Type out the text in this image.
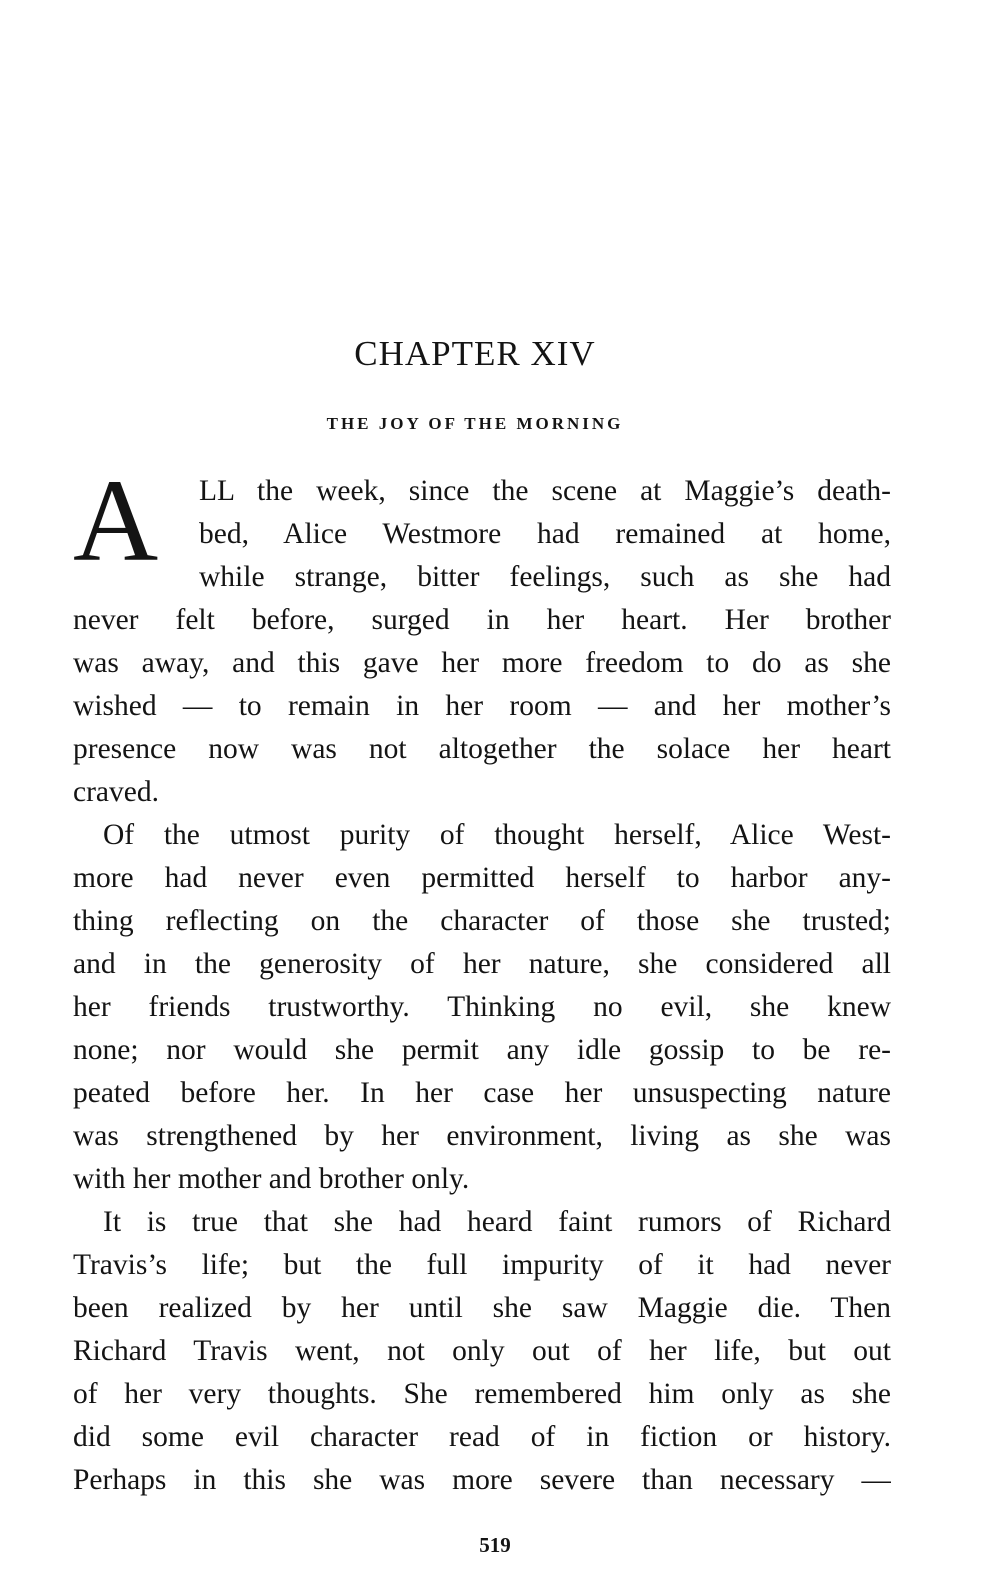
CHAPTER XIV
THE JOY OF THE MORNING
A	LL the week, since the scene at Maggie’s death-
bed, Alice Westmore had remained at home,
while strange, bitter feelings, such as she had
never felt before, surged in her heart. Her brother
was away, and this gave her more freedom to do as she
wished — to remain in her room — and her mother’s
presence now was not altogether the solace her heart
craved.
Of the utmost purity of thought herself, Alice West-
more had never even permitted herself to harbor any-
thing reflecting on the character of those she trusted;
and in the generosity of her nature, she considered all
her friends trustworthy. Thinking no evil, she knew
none; nor would she permit any idle gossip to be re-
peated before her. In her case her unsuspecting nature
was strengthened by her environment, living as she was
with her mother and brother only.
It is true that she had heard faint rumors of Richard
Travis’s life; but the full impurity of it had never
been realized by her until she saw Maggie die. Then
Richard Travis went, not only out of her life, but out
of her very thoughts. She remembered him only as she
did some evil character read of in fiction or history.
Perhaps in this she was more severe than necessary —
519
